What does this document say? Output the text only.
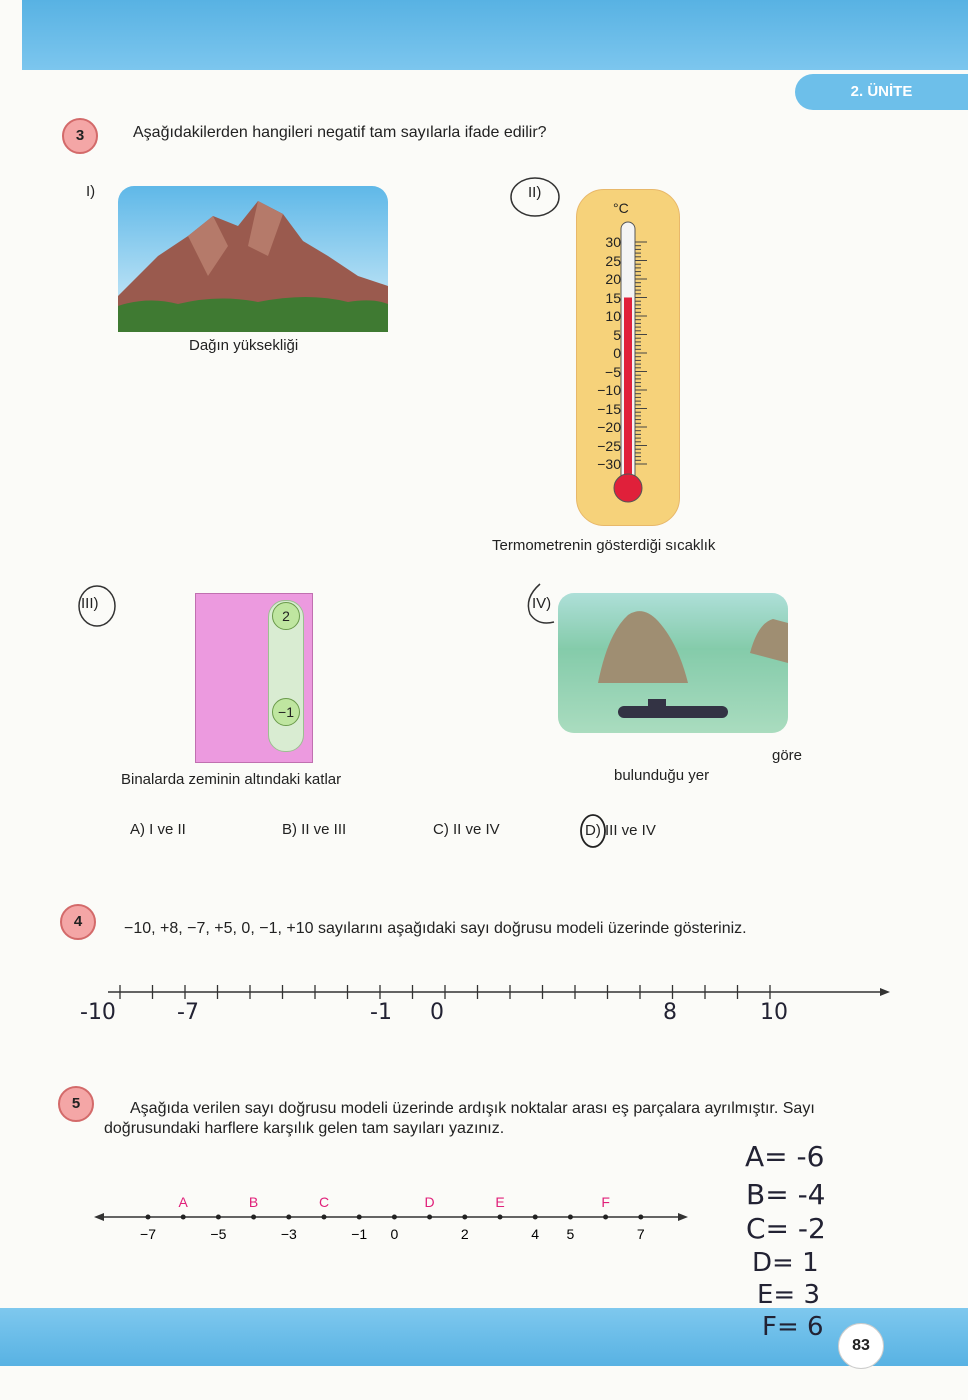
2. ÜNİTE
83
3	Aşağıdakilerden hangileri negatif tam sayılarla ifade edilir?
I)
Dağın yüksekliği
II)
°C
30
25
20
15
10
5
0
−5
−10
−15
−20
−25
−30
Termometrenin gösterdiği sıcaklık
III)
2
−1
Binalarda zeminin altındaki katlar
IV)
göre
bulunduğu yer
A) I ve II	B) II ve III	C) II ve IV	D) III ve IV
4	−10, +8, −7, +5, 0, −1, +10 sayılarını aşağıdaki sayı doğrusu modeli üzerinde gösteriniz.
-10	-7	-1 0	8	10
5	Aşağıda verilen sayı doğrusu modeli üzerinde ardışık noktalar arası eş parçalara ayrılmıştır. Sayı
doğrusundaki harflere karşılık gelen tam sayıları yazınız.
−7
A
−5
B
−3
C
−1 0
D
2
E
4 5
F
7
A= -6
B= -4
C= -2
D= 1
E= 3
F= 6
